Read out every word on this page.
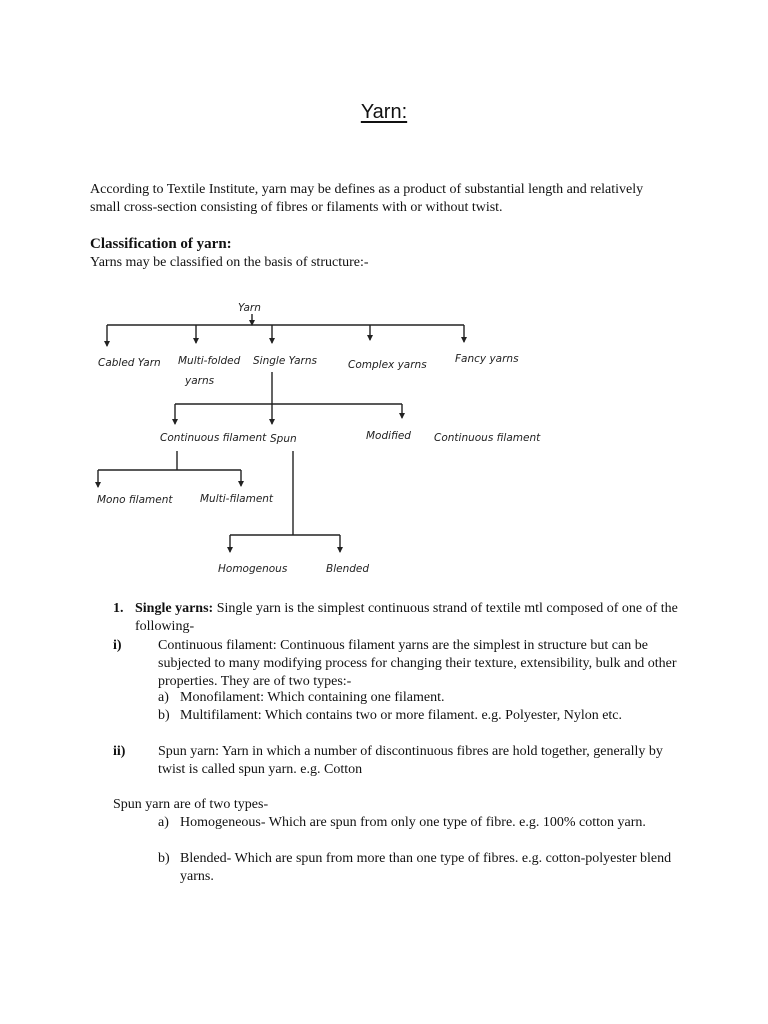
Yarn:

According to Textile Institute, yarn may be defines as a product of substantial length and relatively small cross-section consisting of fibres or filaments with or without twist.

Classification of yarn:

Yarns may be classified on the basis of structure:-

Yarn
Cabled Yarn Multi-folded
yarns
Single Yarns	Complex yarns	Fancy yarns
Continuous filament Spun	Modified Continuous filament
Mono filament	Multi-filament
Homogenous	Blended

1. Single yarns: Single yarn is the simplest continuous strand of textile mtl composed of one of the following-

i)	Continuous filament: Continuous filament yarns are the simplest in structure but can be subjected to many modifying process for changing their texture, extensibility, bulk and other properties. They are of two types:-

a) Monofilament: Which containing one filament.

b) Multifilament: Which contains two or more filament. e.g. Polyester, Nylon etc.

ii) Spun yarn: Yarn in which a number of discontinuous fibres are hold together, generally by twist is called spun yarn. e.g. Cotton

Spun yarn are of two types-

a) Homogeneous- Which are spun from only one type of fibre. e.g. 100% cotton yarn.

b) Blended- Which are spun from more than one type of fibres. e.g. cotton-polyester blend yarns.
